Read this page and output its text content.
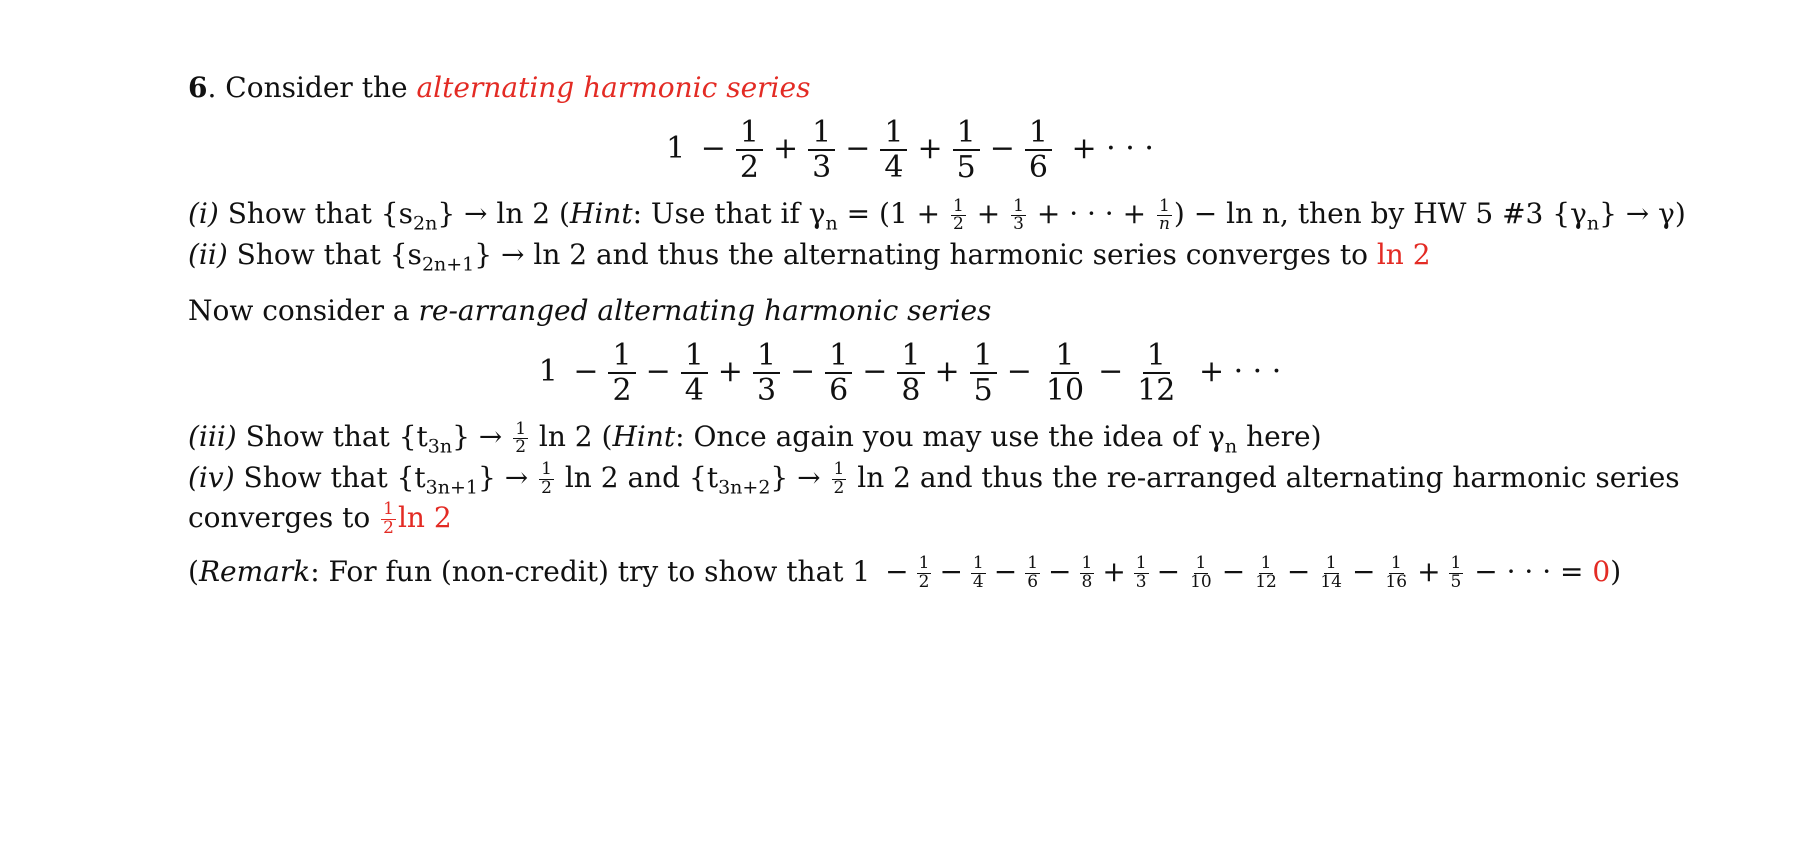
6. Consider the alternating harmonic series

$1 - \frac{1}{2} + \frac{1}{3} - \frac{1}{4} + \frac{1}{5} - \frac{1}{6}$ + · · ·

(i) Show that $\{s_{2n}\} \to \ln 2$ (Hint: Use that if $\gamma_n = (1 + \frac{1}{2} + \frac{1}{3}$ + · · · + $\frac{1}{n}$ ) − ln n, then by HW 5 #3 $\{\gamma_n\} \to \gamma$)

(ii) Show that $\{s_{2n+1}\} \to \ln 2$ and thus the alternating harmonic series converges to ln 2

Now consider a re-arranged alternating harmonic series

$1 - \frac{1}{2} - \frac{1}{4} + \frac{1}{3} - \frac{1}{6} - \frac{1}{8} + \frac{1}{5} - \frac{1}{10} - \frac{1}{12}$ + · · ·

(iii) Show that $\{t_{3n}\} \to \frac{1}{2}$ ln 2 (Hint: Once again you may use the idea of $\gamma_n$ here)

(iv) Show that $\{t_{3n+1}\} \to \frac{1}{2}$ ln 2 and $\{t_{3n+2}\} \to \frac{1}{2}$ ln 2 and thus the re-arranged alternating harmonic series

converges to $\frac{1}{2}$ ln 2

(Remark: For fun (non-credit) try to show that $1 - \frac{1}{2} - \frac{1}{4} - \frac{1}{6} - \frac{1}{8} + \frac{1}{3} - \frac{1}{10} - \frac{1}{12} - \frac{1}{14} - \frac{1}{16} + \frac{1}{5}$ − · · · = 0)
